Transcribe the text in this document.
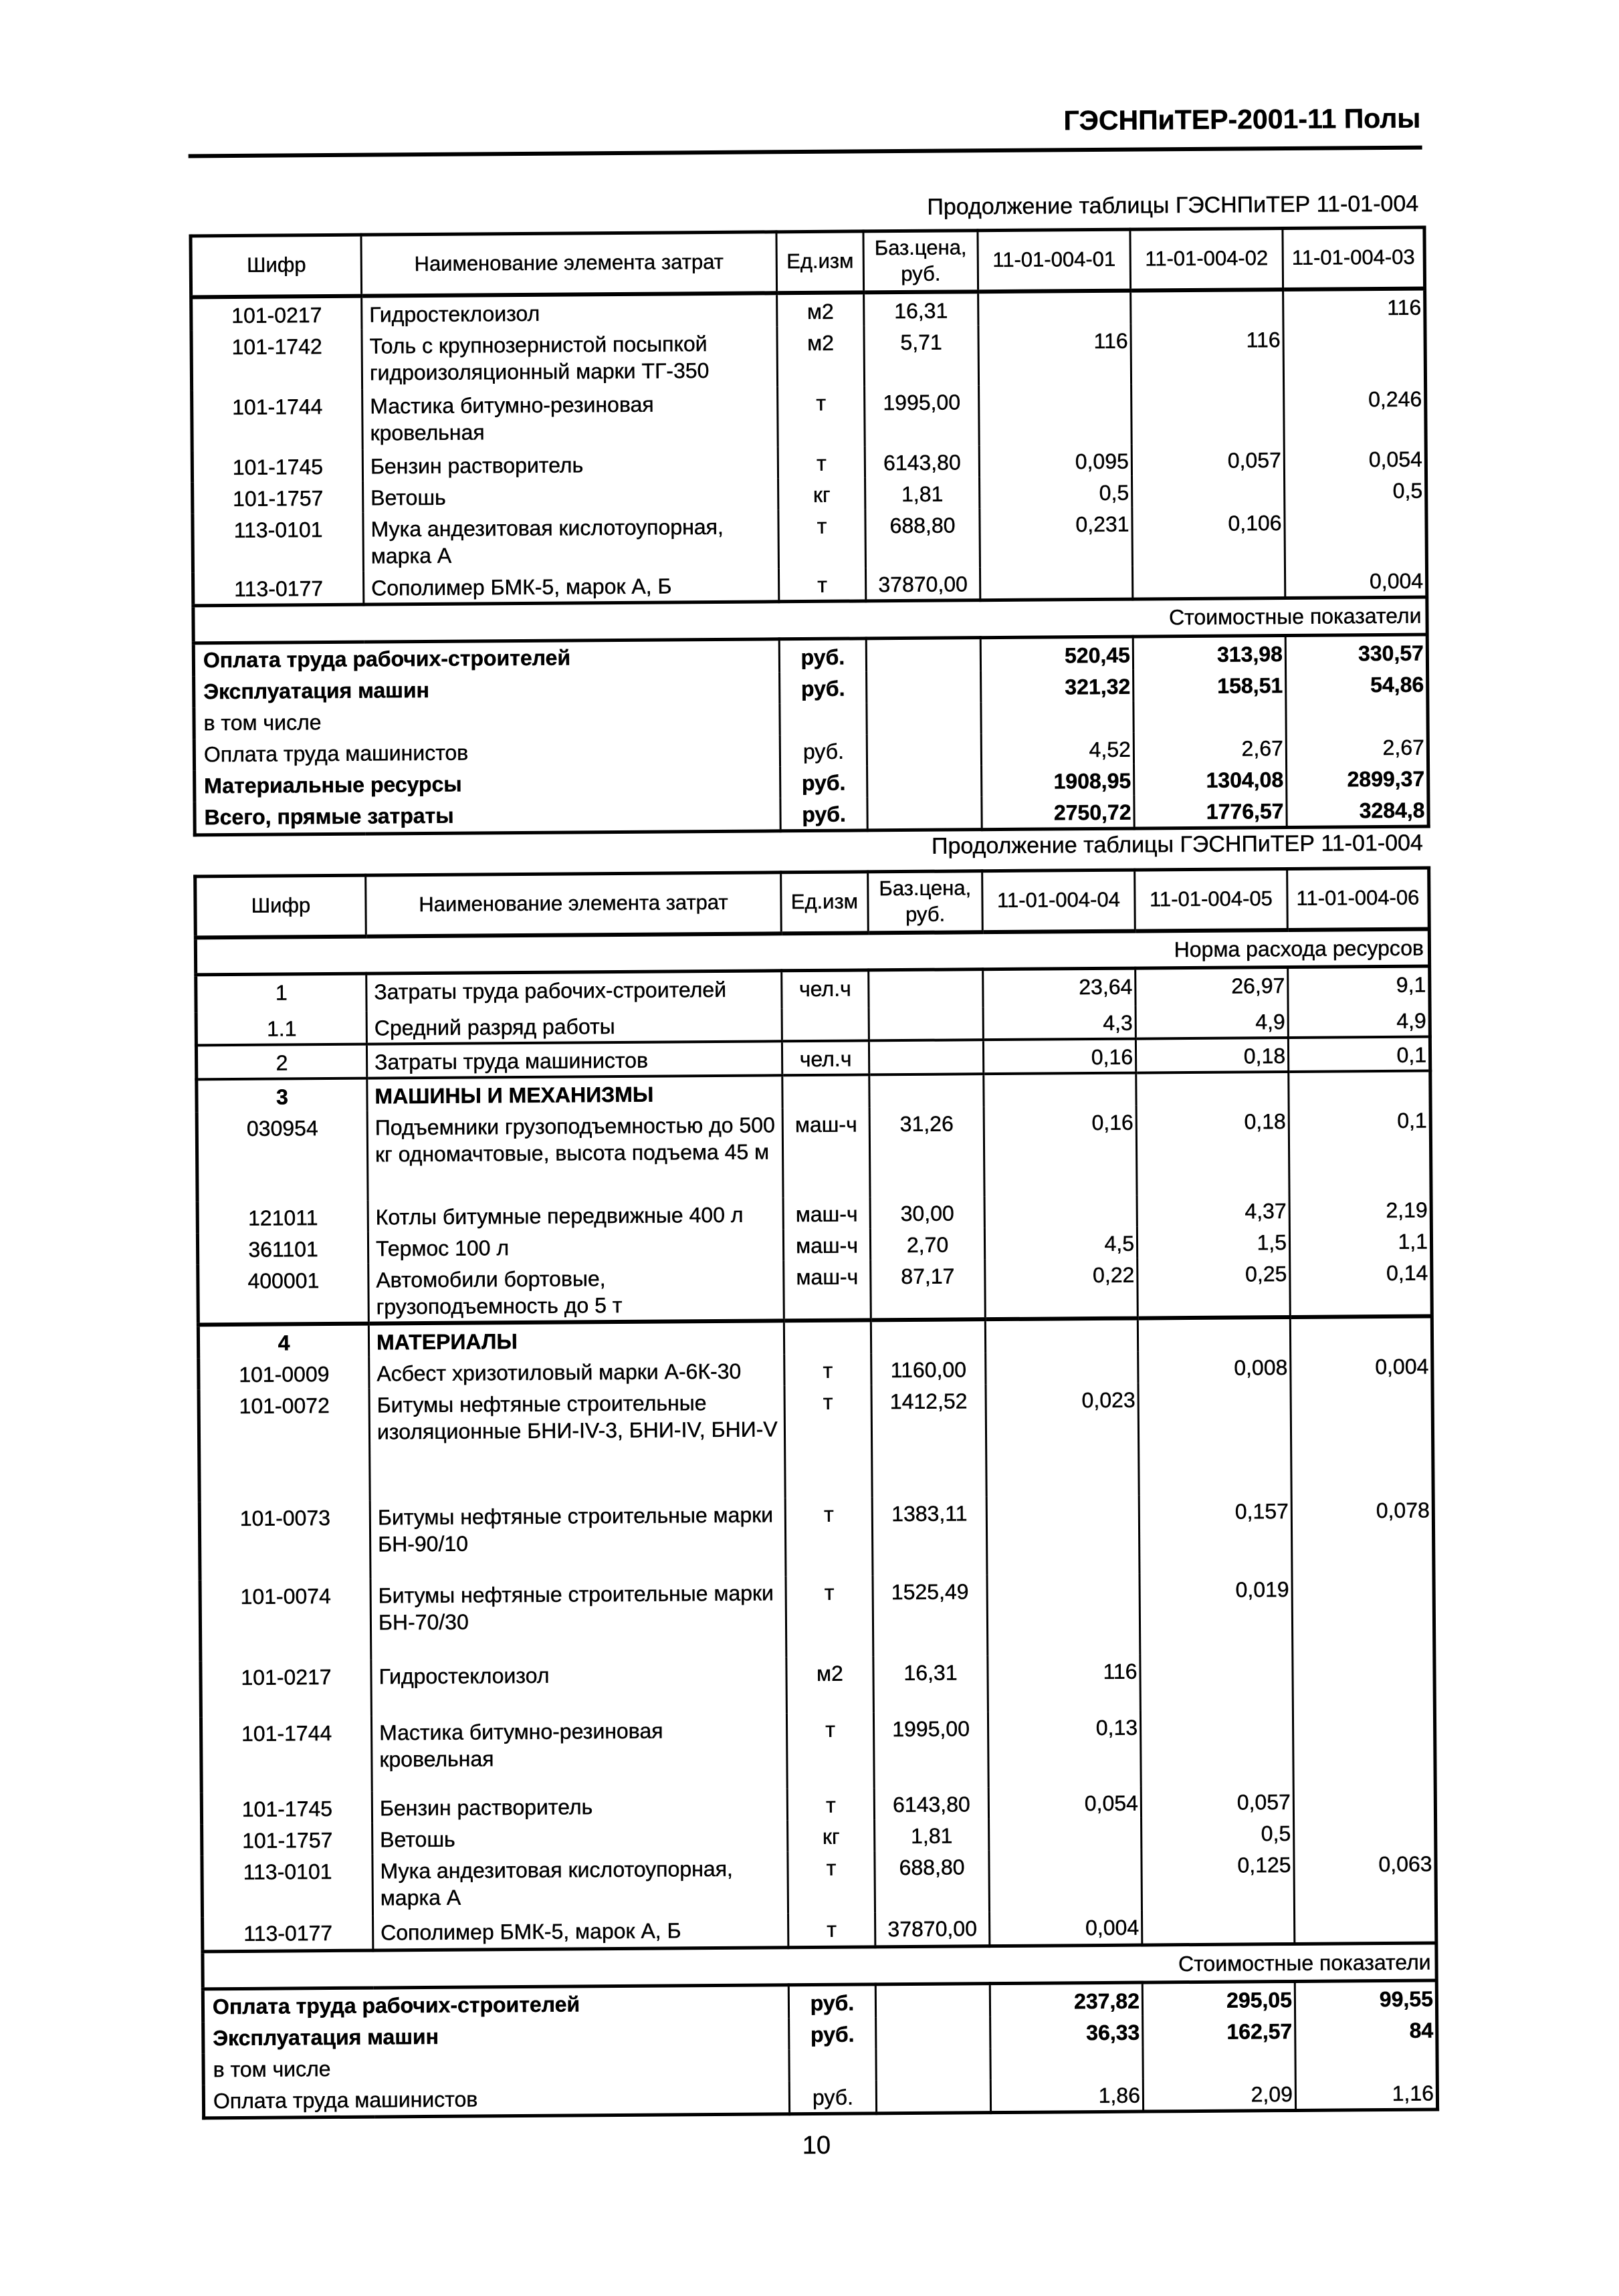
ГЭСНПиТЕР-2001-11 Полы
Продолжение таблицы ГЭСНПиТЕР 11-01-004
Шифр	Наименование элемента затрат	Ед.изм	Баз.цена,
руб.	11-01-004-01	11-01-004-02	11-01-004-03
101-0217	Гидростеклоизол	м2	16,31			116
101-1742	Толь с крупнозернистой посыпкой
гидроизоляционный марки ТГ-350	м2	5,71	116	116	
101-1744	Мастика битумно-резиновая кровельная	т	1995,00			0,246
101-1745	Бензин растворитель	т	6143,80	0,095	0,057	0,054
101-1757	Ветошь	кг	1,81	0,5		0,5
113-0101	Мука андезитовая кислотоупорная,
марка А	т	688,80	0,231	0,106	
113-0177	Сополимер БМК-5, марок А, Б	т	37870,00			0,004
Стоимостные показатели						
Оплата труда рабочих-строителей		руб.		520,45	313,98	330,57
Эксплуатация машин		руб.		321,32	158,51	54,86
в том числе						
Оплата труда машинистов		руб.		4,52	2,67	2,67
Материальные ресурсы		руб.		1908,95	1304,08	2899,37
Всего, прямые затраты		руб.		2750,72	1776,57	3284,8
Продолжение таблицы ГЭСНПиТЕР 11-01-004
Шифр	Наименование элемента затрат	Ед.изм	Баз.цена,
руб.	11-01-004-04	11-01-004-05	11-01-004-06
Норма расхода ресурсов						
1	Затраты труда рабочих-строителей	чел.ч		23,64	26,97	9,1
1.1	Средний разряд работы			4,3	4,9	4,9
2	Затраты труда машинистов	чел.ч		0,16	0,18	0,1
3	МАШИНЫ И МЕХАНИЗМЫ					
030954	Подъемники грузоподъемностью до 500
кг одномачтовые, высота подъема 45 м	маш-ч	31,26	0,16	0,18	0,1
121011	Котлы битумные передвижные 400 л	маш-ч	30,00		4,37	2,19
361101	Термос 100 л	маш-ч	2,70	4,5	1,5	1,1
400001	Автомобили бортовые,
грузоподъемность до 5 т	маш-ч	87,17	0,22	0,25	0,14
4	МАТЕРИАЛЫ					
101-0009	Асбест хризотиловый марки А-6К-30	т	1160,00		0,008	0,004
101-0072	Битумы нефтяные строительные
изоляционные БНИ-IV-3, БНИ-IV, БНИ-V	т	1412,52	0,023		
101-0073	Битумы нефтяные строительные марки
БН-90/10	т	1383,11		0,157	0,078
101-0074	Битумы нефтяные строительные марки
БН-70/30	т	1525,49		0,019	
101-0217	Гидростеклоизол	м2	16,31	116		
101-1744	Мастика битумно-резиновая кровельная	т	1995,00	0,13		
101-1745	Бензин растворитель	т	6143,80	0,054	0,057	
101-1757	Ветошь	кг	1,81		0,5	
113-0101	Мука андезитовая кислотоупорная,
марка А	т	688,80		0,125	0,063
113-0177	Сополимер БМК-5, марок А, Б	т	37870,00	0,004		
Стоимостные показатели						
Оплата труда рабочих-строителей		руб.		237,82	295,05	99,55
Эксплуатация машин		руб.		36,33	162,57	84
в том числе						
Оплата труда машинистов		руб.		1,86	2,09	1,16
10
